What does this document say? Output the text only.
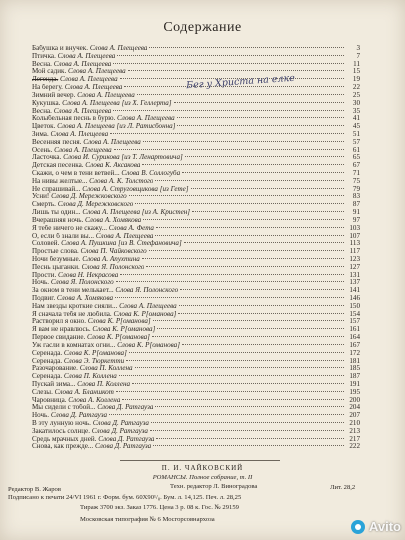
Содержание
Бабушка и внучек. Слова А. Плещеева	3
Птичка. Слова А. Плещеева	7
Весна. Слова А. Плещеева	11
Мой садик. Слова А. Плещеева	15
Легенда. Слова А. Плещеева	19
На берегу. Слова А. Плещеева	22
Зимний вечер. Слова А. Плещеева	25
Кукушка. Слова А. Плещеева [из X. Геллерта]	30
Весна. Слова А. Плещеева	35
Колыбельная песнь в бурю. Слова А. Плещеева	41
Цветок. Слова А. Плещеева [из Л. Ратисбонна]	45
Зима. Слова А. Плещеева	51
Весенняя песня. Слова А. Плещеева	57
Осень. Слова А. Плещеева	61
Ласточка. Слова И. Сурикова [из Т. Ленартовича]	65
Детская песенка. Слова К. Аксакова	67
Скажи, о чем в тени ветвей... Слова В. Соллогуба	71
На нивы желтые... Слова А. К. Толстого	75
Не спрашивай... Слова А. Струговщикова [из Гете]	79
Усни! Слова Д. Мережковского	83
Смерть. Слова Д. Мережковского	87
Лишь ты один... Слова А. Плещеева [из А. Кристен]	91
Вчерашняя ночь. Слова А. Хомякова	97
Я тебе ничего не скажу... Слова А. Фета	103
О, если б знали вы... Слова А. Плещеева	107
Соловей. Слова А. Пушкина [из В. Стефановича]	113
Простые слова. Слова П. Чайковского	117
Ночи безумные. Слова А. Апухтина	123
Песнь цыганки. Слова Я. Полонского	127
Прости. Слова Н. Некрасова	131
Ночь. Слова Я. Полонского	137
За окном в тени мелькает... Слова Я. Полонского	141
Подвиг. Слова А. Хомякова	146
Нам звезды кроткие сияли... Слова А. Плещеева	150
Я сначала тебя не любила. Слова К. Р[оманова]	154
Растворил я окно. Слова К. Р[оманова]	157
Я вам не нравлюсь. Слова К. Р[оманова]	161
Первое свидание. Слова К. Р[оманова]	164
Уж гасли в комнатах огни... Слова К. Р[оманова]	167
Серенада. Слова К. Р[оманова]	172
Серенада. Слова Э. Тюркетти	181
Разочарование. Слова П. Коллена	185
Серенада. Слова П. Коллена	187
Пускай зима... Слова П. Коллена	191
Слезы. Слова А. Бланшкот	195
Чаровница. Слова А. Коллена	200
Мы сидели с тобой... Слова Д. Ратгауза	204
Ночь. Слова Д. Ратгауза	207
В эту лунную ночь. Слова Д. Ратгауза	210
Закатилось солнце. Слова Д. Ратгауза	213
Средь мрачных дней. Слова Д. Ратгауза	217
Снова, как прежде... Слова Д. Ратгауза	222
Бег у Христа на елке
П. И. ЧАЙКОВСКИЙ
РОМАНСЫ. Полное собрание, т. II
Техн. редактор Л. Виноградова
Редактор В. Жаров	Лит. 28,2
Подписано к печати 24/VI 1961 г. Форм. бум. 60Х90¹/₈. Бум. л. 14,125. Печ. л. 28,25
Тираж 3700 экз. Заказ 1776. Цена 3 р. 08 к. Гос. № 29159
Московская типография № 6 Мосгорсовнархоза	Avito
